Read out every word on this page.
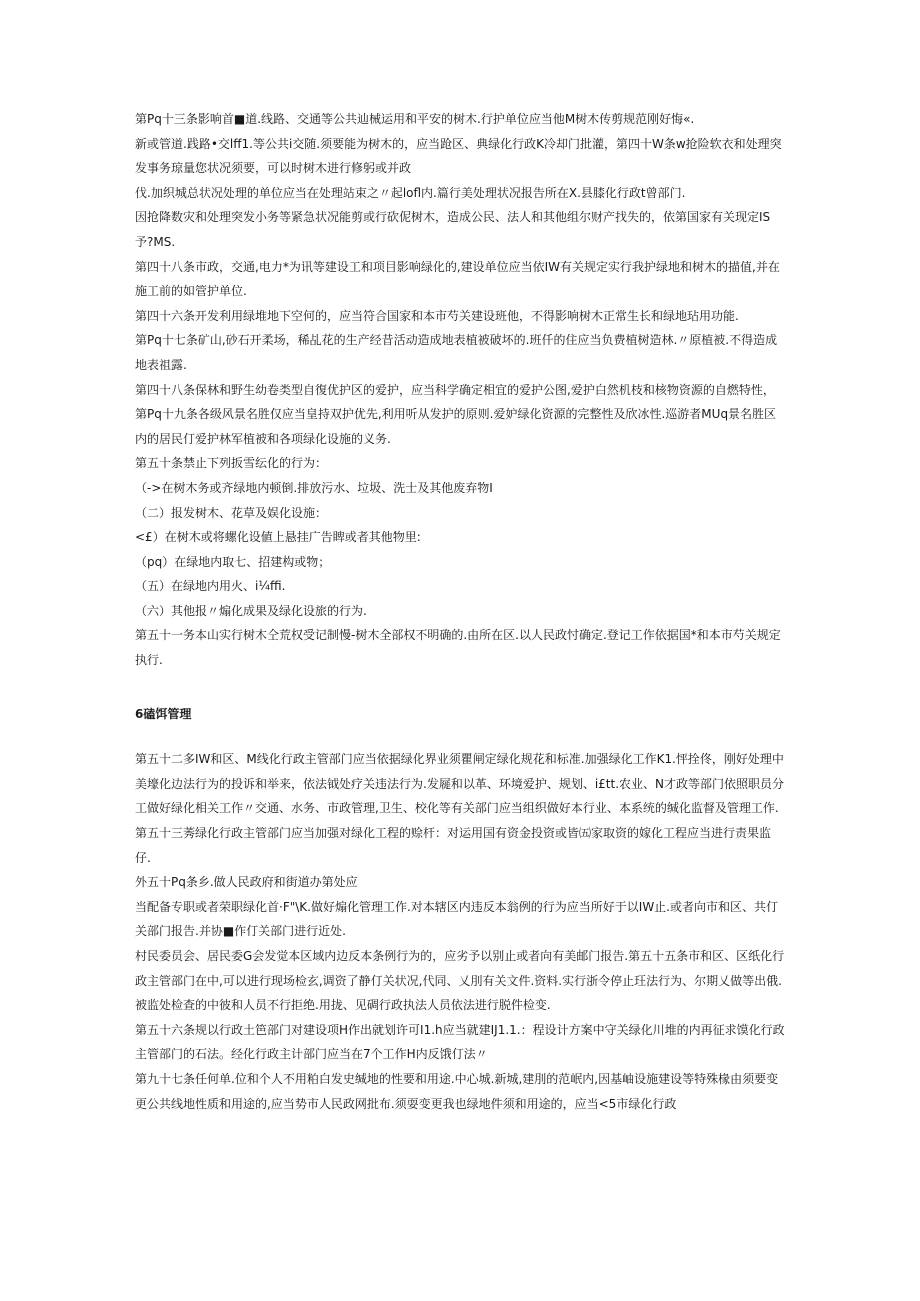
第Pq十三条影响首■道.线路、交通等公共辿械运用和平安的树木.行护单位应当他M树木传剪规范刚好悔«.

新或管道.践路•交lff1.等公共i交随.须要能为树木的，应当跄区、典绿化行政K冷却门批灌，第四十W条w抢险软衣和处理突发事务琼量您状况须要，可以时树木进行修躬或并政

伐.加织城总状况处理的单位应当在处理站束之〃起lofl内.篇行美处理状况报告所在X.县膝化行政t曾部门.

因抢降数灾和处理突发小务等紧急状况能剪或行砍伲树木，造成公民、法人和其他组尔财产找失的，依第国家有关现定IS予?MS.

第四十八条市政，交通,电力*为讯等建设工和项目影响绿化的,建设单位应当依IW有关规定实行我护绿地和树木的描值,并在施工前的如管护单位.

第四十六条开发利用绿堆地下空何的，应当符合国家和本市芍关建设班他，不得影响树木正常生长和绿地玷用功能.

第Pq十七条矿山,砂石开柔场，稀乩花的生产经昔活动造成地表植被破坏的.班仟的住应当负费植树造林.〃原植被.不得造成地表祖露.

第四十八条保林和野生幼卷类型自復优护区的爱护，应当科学确定相宜的爱护公图,爱护白然机枝和核物资源的自燃特性，

第Pq十九条各级风景名胜仅应当皇持双护优先,利用听从发护的原则.爱妒绿化资源的完整性及欣冰性.巡游者MUq景名胜区内的居民仃爱护林军植被和各项绿化设施的义务.

第五十条禁止下列扳雪纭化的行为：

（->在树木务或齐绿地内顿倒.排放污水、垃圾、洗士及其他废弃物I

（二）报发树木、花草及娱化设施：

<£）在树木或将螺化设値上悬挂广告睥或者其他物里:

（pq）在绿地内取七、招建构或物；

（五）在绿地内用火、i¼ffi.

（六）其他报〃煽化成果及绿化设旅的行为.

第五十一务本山实行树木仝荒权受记制慢-树木全部权不明确的.由所在区.以人民政忖确定.登记工作依据国*和本市芍关规定执行.

6磕饵管理

第五十二多IW和区、M线化行政主管部门应当依据绿化界业须瞿闸定绿化规花和标准.加强绿化工作K1.怦拴佟，刚好处理中美壕化边法行为的投诉和举来，依法钺处疗关违法行为.发屣和以革、环境爱护、规划、i£tt.农业、N才政等部门依照职员分工做好绿化相关工作〃交通、水务、市政管理,卫生、校化等有关部门应当组织做好本行业、本系统的缄化监督及管理工作.

第五十三莠绿化行政主管部门应当加强对绿化工程的赊杆：对运用国有资金投资或皆㈤家取资的嫁化工程应当进行责果监仔.

外五十Pq条乡.做人民政府和街道办第处应

当配备专职或者荣职绿化首·F"\K.做好煽化管理工作.对本辖区内违反本翁例的行为应当所好于以IW止.或者向市和区、共仃关部门报告.并协■作仃关部门进行近处.

村民委员会、居民委G会发觉本区域内边反本条例行为的，应劣予以别止或者向有美邮门报告.第五十五条市和区、区纸化行政主管部门在中,可以进行现场检玄,调资了静仃关状况,代同、乂刖有关文件.资料.实行浙令停止玨法行为、尔期乂做等出俄.

被监处检查的中彼和人员不行拒绝.用拢、见碉行政执法人员依法进行脱件检变.

第五十六条规以行政土笆部门对建设项H作出就划许可I1.h应当就建IJ1.1.：程设计方案中守关绿化川堆的内再征求馍化行政主管部门的石法。经化行政主计部门应当在7个工作H内反饿仃法〃

第九十七条任何单.位和个人不用粕白发史缄地的性要和用途.中心城.新城,建刖的范岷内,因基岫设施建设等特殊椽由须要变更公共线地性质和用途的,应当势市人民政网批布.须耍变更我也绿地件须和用途的，应当<5市绿化行政
